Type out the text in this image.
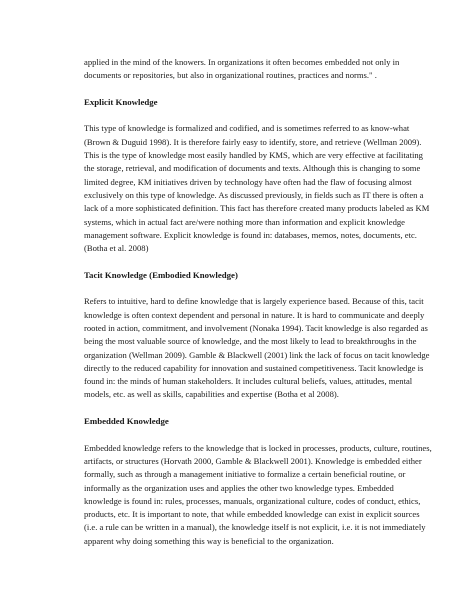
applied in the mind of the knowers. In organizations it often becomes embedded not only in documents or repositories, but also in organizational routines, practices and norms." .

Explicit Knowledge

This type of knowledge is formalized and codified, and is sometimes referred to as know-what (Brown & Duguid 1998). It is therefore fairly easy to identify, store, and retrieve (Wellman 2009). This is the type of knowledge most easily handled by KMS, which are very effective at facilitating the storage, retrieval, and modification of documents and texts. Although this is changing to some limited degree, KM initiatives driven by technology have often had the flaw of focusing almost exclusively on this type of knowledge. As discussed previously, in fields such as IT there is often a lack of a more sophisticated definition. This fact has therefore created many products labeled as KM systems, which in actual fact are/were nothing more than information and explicit knowledge management software. Explicit knowledge is found in: databases, memos, notes, documents, etc. (Botha et al. 2008)

Tacit Knowledge (Embodied Knowledge)

Refers to intuitive, hard to define knowledge that is largely experience based. Because of this, tacit knowledge is often context dependent and personal in nature. It is hard to communicate and deeply rooted in action, commitment, and involvement (Nonaka 1994). Tacit knowledge is also regarded as being the most valuable source of knowledge, and the most likely to lead to breakthroughs in the organization (Wellman 2009). Gamble & Blackwell (2001) link the lack of focus on tacit knowledge directly to the reduced capability for innovation and sustained competitiveness. Tacit knowledge is found in: the minds of human stakeholders. It includes cultural beliefs, values, attitudes, mental models, etc. as well as skills, capabilities and expertise (Botha et al 2008).

Embedded Knowledge

Embedded knowledge refers to the knowledge that is locked in processes, products, culture, routines, artifacts, or structures (Horvath 2000, Gamble & Blackwell 2001). Knowledge is embedded either formally, such as through a management initiative to formalize a certain beneficial routine, or informally as the organization uses and applies the other two knowledge types. Embedded knowledge is found in: rules, processes, manuals, organizational culture, codes of conduct, ethics, products, etc. It is important to note, that while embedded knowledge can exist in explicit sources (i.e. a rule can be written in a manual), the knowledge itself is not explicit, i.e. it is not immediately apparent why doing something this way is beneficial to the organization.
